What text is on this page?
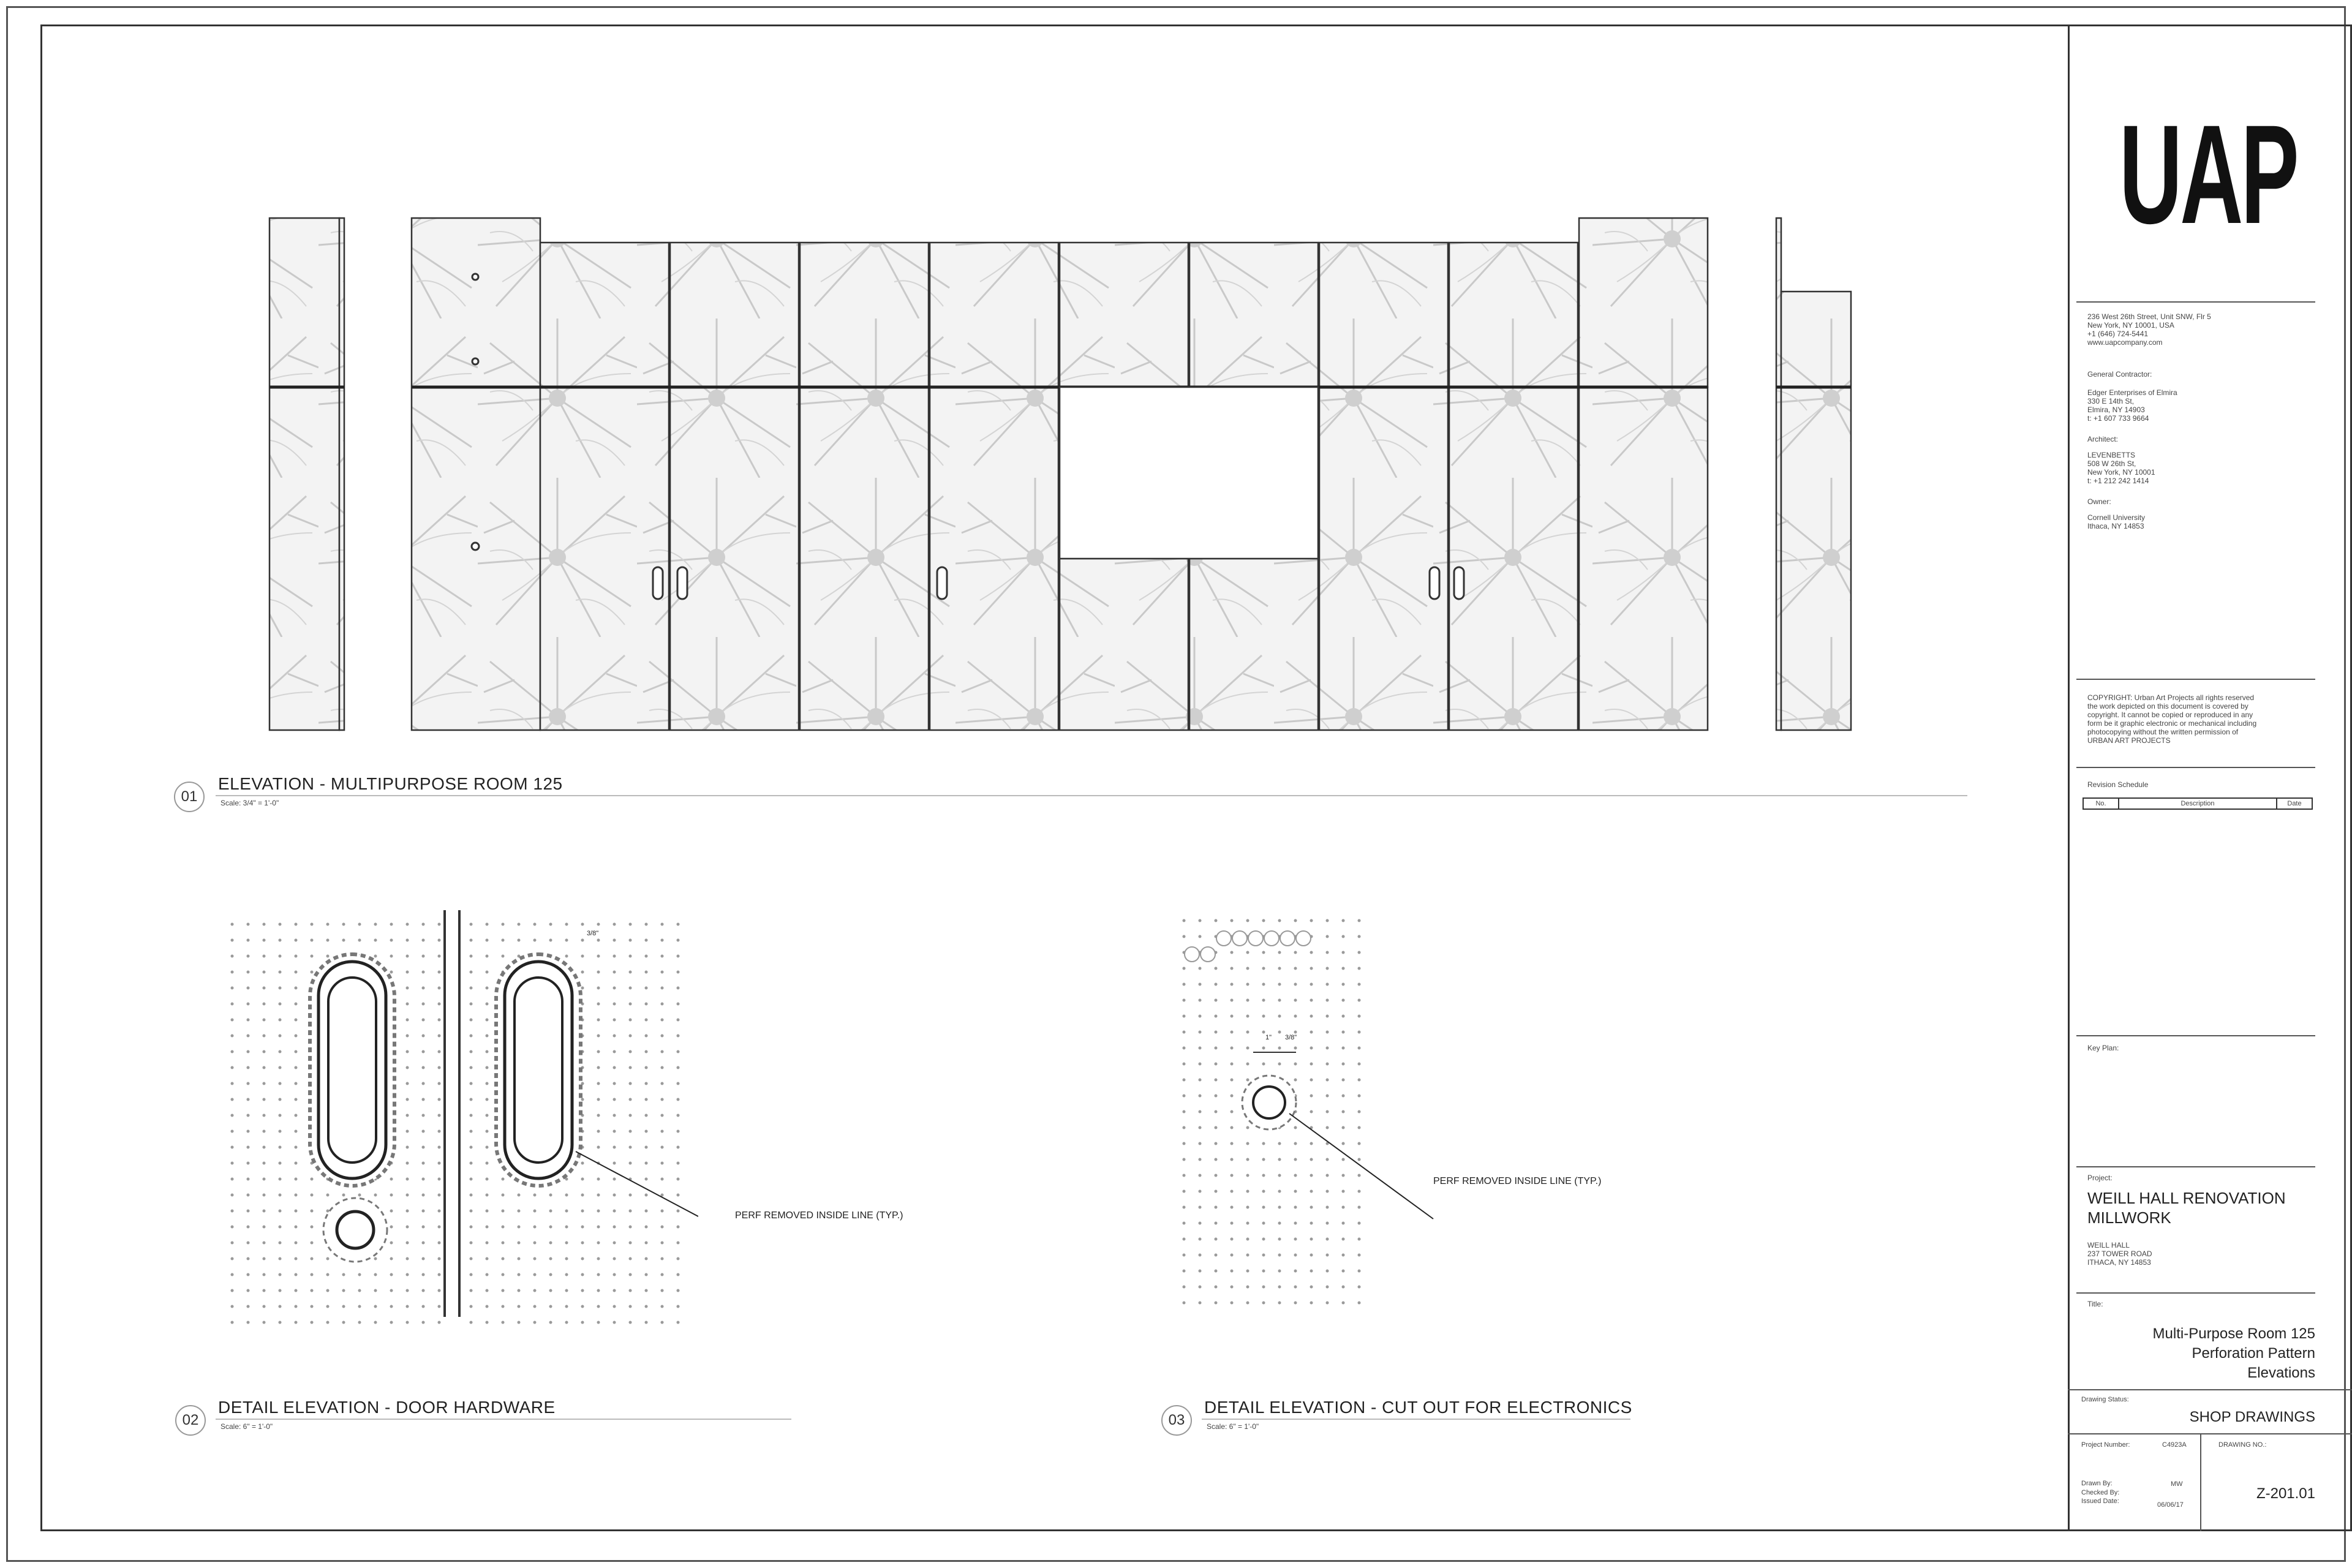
UAP
236 West 26th Street, Unit SNW, Flr 5
New York, NY 10001, USA
+1 (646) 724-5441
www.uapcompany.com
General Contractor:
Edger Enterprises of Elmira
330 E 14th St,
Elmira, NY 14903
t: +1 607 733 9664
Architect:
LEVENBETTS
508 W 26th St,
New York, NY 10001
t: +1 212 242 1414
Owner:
Cornell University
Ithaca, NY 14853
COPYRIGHT: Urban Art Projects all rights reserved
the work depicted on this document is covered by
copyright. It cannot be copied or reproduced in any
form be it graphic electronic or mechanical including
photocopying without the written permission of
URBAN ART PROJECTS
Revision Schedule
No.	Description	Date
Key Plan:
Project:
WEILL HALL RENOVATION
MILLWORK
WEILL HALL
237 TOWER ROAD
ITHACA, NY 14853
Title:
Multi-Purpose Room 125
Perforation Pattern Elevations
Drawing Status:
SHOP DRAWINGS
Project Number:	C4923A	DRAWING NO.:
Drawn By:	MW
Checked By:
Issued Date:	06/06/17
Z-201.01
01
ELEVATION - MULTIPURPOSE ROOM 125
Scale: 3/4" = 1'-0"
PERF REMOVED INSIDE LINE (TYP.)
3/8"
02
DETAIL ELEVATION - DOOR HARDWARE
Scale: 6" = 1'-0"
PERF REMOVED INSIDE LINE (TYP.)
1" 3/8"
03
DETAIL ELEVATION - CUT OUT FOR ELECTRONICS
Scale: 6" = 1'-0"
